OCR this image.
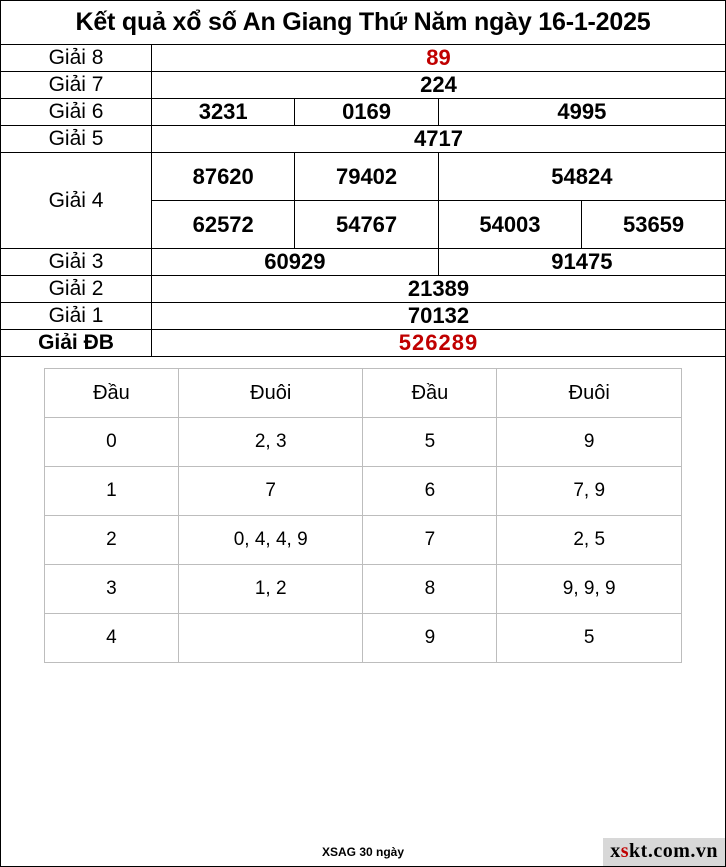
Kết quả xổ số An Giang Thứ Năm ngày 16-1-2025
Giải 8	89			
Giải 7	224			
Giải 6	3231	0169	4995	
Giải 5	4717			
Giải 4	87620	79402	54824	
	62572	54767	54003	53659
Giải 3	60929		91475	
Giải 2	21389			
Giải 1	70132			
Giải ĐB	526289			
Đầu	Đuôi	Đầu	Đuôi
0	2, 3	5	9
1	7	6	7, 9
2	0, 4, 4, 9	7	2, 5
3	1, 2	8	9, 9, 9
4		9	5
XSAG 30 ngày	xskt.com.vn
